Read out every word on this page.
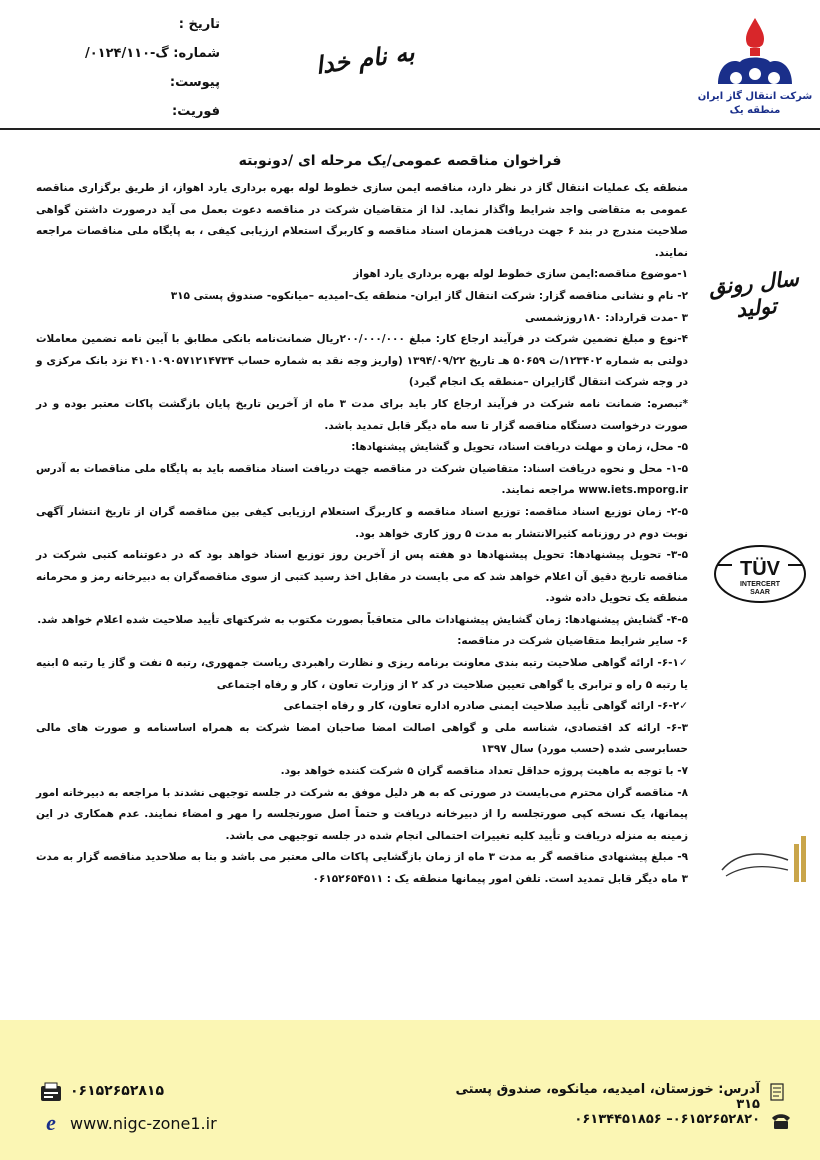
تاریخ :
شماره: گ-۰۱۲۴/۱۱۰/
پیوست:
فوریت:
به نام خدا
شرکت انتقال گاز ایران
منطقه یک
فراخوان مناقصه عمومی/یک مرحله ای /دونوبته

منطقه یک عملیات انتقال گاز در نظر دارد، مناقصه ایمن سازی خطوط لوله بهره برداری یارد اهواز، از طریق برگزاری مناقصه عمومی به متقاضی واجد شرایط واگذار نماید. لذا از متقاضیان شرکت در مناقصه دعوت بعمل می آید درصورت داشتن گواهی صلاحیت مندرج در بند ۶ جهت دریافت همزمان اسناد مناقصه و کاربرگ استعلام ارزیابی کیفی ، به پایگاه ملی مناقصات مراجعه نمایند.

۱-موضوع مناقصه:ایمن سازی خطوط لوله بهره برداری یارد اهواز

۲- نام و نشانی مناقصه گزار: شرکت انتقال گاز ایران- منطقه یک–امیدیه –میانکوه- صندوق پستی ۳۱۵

۳ -مدت قرارداد: ۱۸۰روزشمسی

۴-نوع و مبلغ تضمین شرکت در فرآیند ارجاع کار: مبلغ ۲۰۰/۰۰۰/۰۰۰ریال ضمانت‌نامه بانکی مطابق با آیین نامه تضمین معاملات دولتی به شماره ۱۲۳۴۰۲/ت ۵۰۶۵۹ هـ تاریخ ۱۳۹۴/۰۹/۲۲ (واریز وجه نقد به شماره حساب ۴۱۰۱۰۹۰۵۷۱۲۱۴۷۳۴ نزد بانک مرکزی و در وجه شرکت انتقال گازایران –منطقه یک انجام گیرد)

*تبصره: ضمانت نامه شرکت در فرآیند ارجاع کار باید برای مدت ۳ ماه از آخرین تاریخ پایان بازگشت پاکات معتبر بوده و در صورت درخواست دستگاه مناقصه گزار تا سه ماه دیگر قابل تمدید باشد.

۵- محل، زمان و مهلت دریافت اسناد، تحویل و گشایش پیشنهادها:

۱-۵- محل و نحوه دریافت اسناد: متقاضیان شرکت در مناقصه جهت دریافت اسناد مناقصه باید به پایگاه ملی مناقصات به آدرس www.iets.mporg.ir مراجعه نمایند.

۲-۵- زمان توزیع اسناد مناقصه: توزیع اسناد مناقصه و کاربرگ استعلام ارزیابی کیفی بین مناقصه گران از تاریخ انتشار آگهی نوبت دوم در روزنامه کثیرالانتشار به مدت ۵ روز کاری خواهد بود.

۳-۵- تحویل پیشنهادها: تحویل پیشنهادها دو هفته پس از آخرین روز توزیع اسناد خواهد بود که در دعوتنامه کتبی شرکت در مناقصه تاریخ دقیق آن اعلام خواهد شد که می بایست در مقابل اخذ رسید کتبی از سوی مناقصه‌گران به دبیرخانه رمز و محرمانه منطقه یک تحویل داده شود.

۴-۵- گشایش پیشنهادها: زمان گشایش پیشنهادات مالی متعاقباً بصورت مکتوب به شرکتهای تأیید صلاحیت شده اعلام خواهد شد.

۶- سایر شرایط متقاضیان شرکت در مناقصه:

✓۶-۱- ارائه گواهی صلاحیت رتبه بندی معاونت برنامه ریزی و نظارت راهبردی ریاست جمهوری، رتبه ۵ نفت و گاز یا رتبه ۵ ابنیه یا رتبه ۵ راه و ترابری یا گواهی تعیین صلاحیت در کد ۲ از وزارت تعاون ، کار و رفاه اجتماعی

✓۶-۲- ارائه گواهی تأیید صلاحیت ایمنی صادره اداره تعاون، کار و رفاه اجتماعی

۶-۳- ارائه کد اقتصادی، شناسه ملی و گواهی اصالت امضا صاحبان امضا شرکت به همراه اساسنامه و صورت های مالی حسابرسی شده (حسب مورد) سال ۱۳۹۷

۷- با توجه به ماهیت پروژه حداقل تعداد مناقصه گران ۵ شرکت کننده خواهد بود.

۸- مناقصه گران محترم می‌بایست در صورتی که به هر دلیل موفق به شرکت در جلسه توجیهی نشدند با مراجعه به دبیرخانه امور پیمانها، یک نسخه کپی صورتجلسه را از دبیرخانه دریافت و حتماً اصل صورتجلسه را مهر و امضاء نمایند. عدم همکاری در این زمینه به منزله دریافت و تأیید کلیه تغییرات احتمالی انجام شده در جلسه توجیهی می باشد.

۹- مبلغ پیشنهادی مناقصه گر به مدت ۳ ماه از زمان بازگشایی پاکات مالی معتبر می باشد و بنا به صلاحدید مناقصه گزار به مدت ۳ ماه دیگر قابل تمدید است. تلفن امور پیمانها منطقه یک : ۰۶۱۵۲۶۵۴۵۱۱

سال رونق تولید
TÜV
INTERCERT
SAAR
۰۶۱۵۲۶۵۲۸۱۵
e www.nigc-zone1.ir
آدرس: خوزستان، امیدیه، میانکوه، صندوق پستی ۳۱۵
۰۶۱۵۲۶۵۲۸۲۰– ۰۶۱۳۴۴۵۱۸۵۶
